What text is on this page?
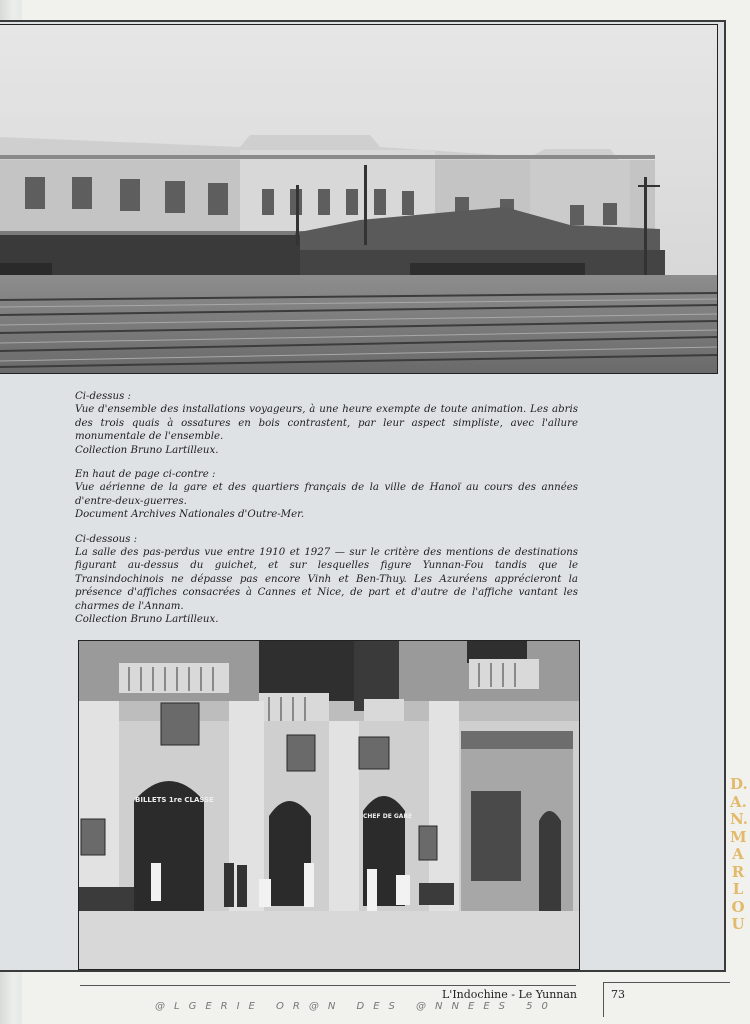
Ci-dessus :
Vue d'ensemble des installations voyageurs, à une heure exempte de toute animation. Les abris des trois quais à ossatures en bois contrastent, par leur aspect simpliste, avec l'allure monumentale de l'ensemble.
Collection Bruno Lartilleux.
En haut de page ci-contre :
Vue aérienne de la gare et des quartiers français de la ville de Hanoï au cours des années d'entre-deux-guerres.
Document Archives Nationales d'Outre-Mer.
Ci-dessous :
La salle des pas-perdus vue entre 1910 et 1927 — sur le critère des mentions de destinations figurant au-dessus du guichet, et sur lesquelles figure Yunnan-Fou tandis que le Transindochinois ne dépasse pas encore Vinh et Ben-Thuy. Les Azuréens apprécieront la présence d'affiches consacrées à Cannes et Nice, de part et d'autre de l'affiche vantant les charmes de l'Annam.
Collection Bruno Lartilleux.
BILLETS 1re CLASSE
CHEF DE GARE
L'Indochine - Le Yunnan	73
@LGERIE OR@N DES @NNEES 50
D.A.N.MARLOU
